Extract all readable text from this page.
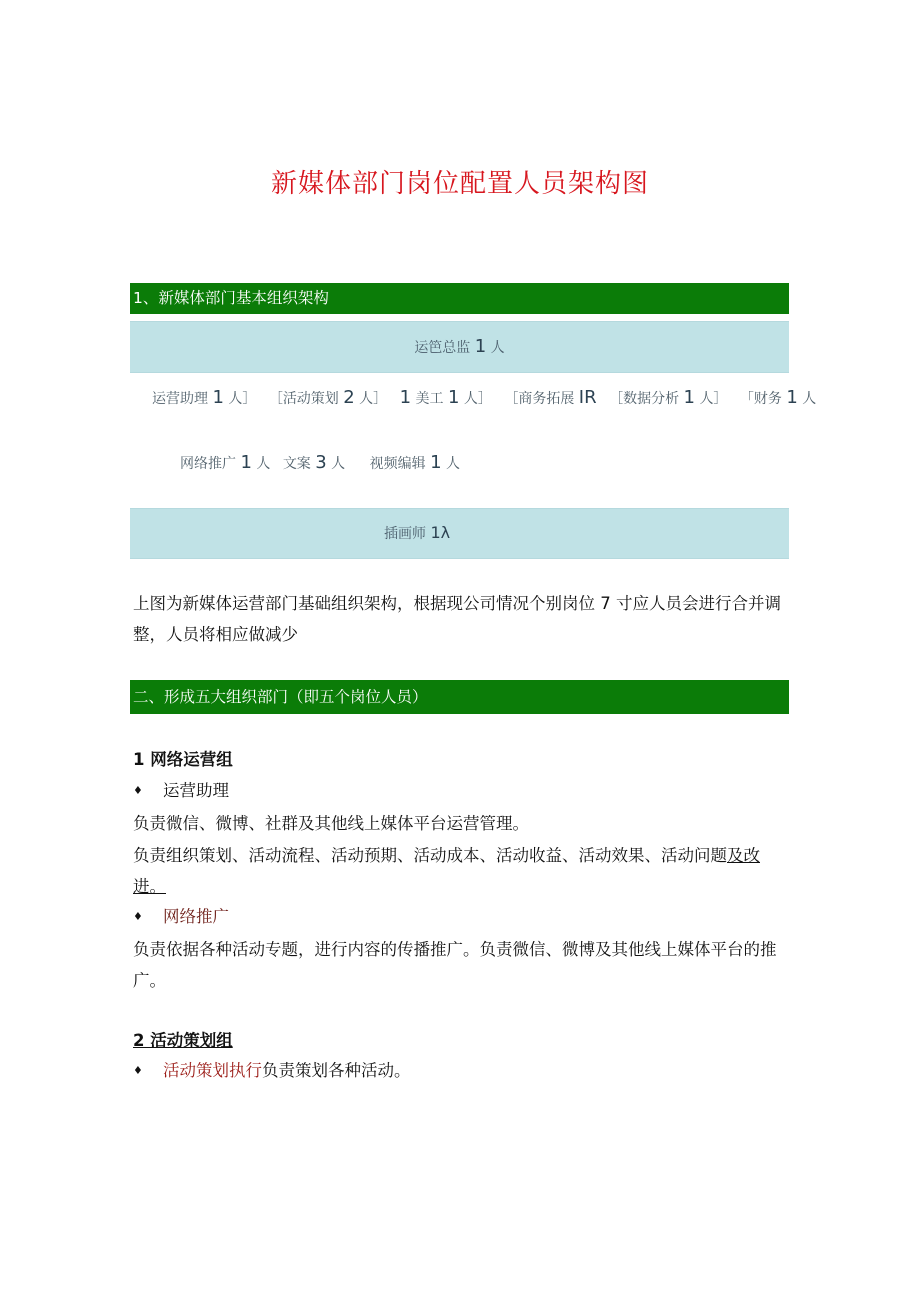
新媒体部门岗位配置人员架构图
1、新媒体部门基本组织架构
运笆总监 1 人
运营助理 1 人］ ［活动策划 2 人］ 1 美工 1 人］ ［商务拓展 IR ［数据分析 1 人］ 「财务 1 人
网络推广 1 人 文案 3 人 视频编辑 1 人
插画师 1λ
上图为新媒体运营部门基础组织架构，根据现公司情况个别岗位 7 寸应人员会进行合并调整，人员将相应做减少
二、形成五大组织部门（即五个岗位人员）
1 网络运营组
♦ 运营助理
负责微信、微博、社群及其他线上媒体平台运营管理。
负责组织策划、活动流程、活动预期、活动成本、活动收益、活动效果、活动问题及改
进。
♦ 网络推广
负责依据各种活动专题，进行内容的传播推广。负责微信、微博及其他线上媒体平台的推广。
2 活动策划组
♦ 活动策划执行负责策划各种活动。
